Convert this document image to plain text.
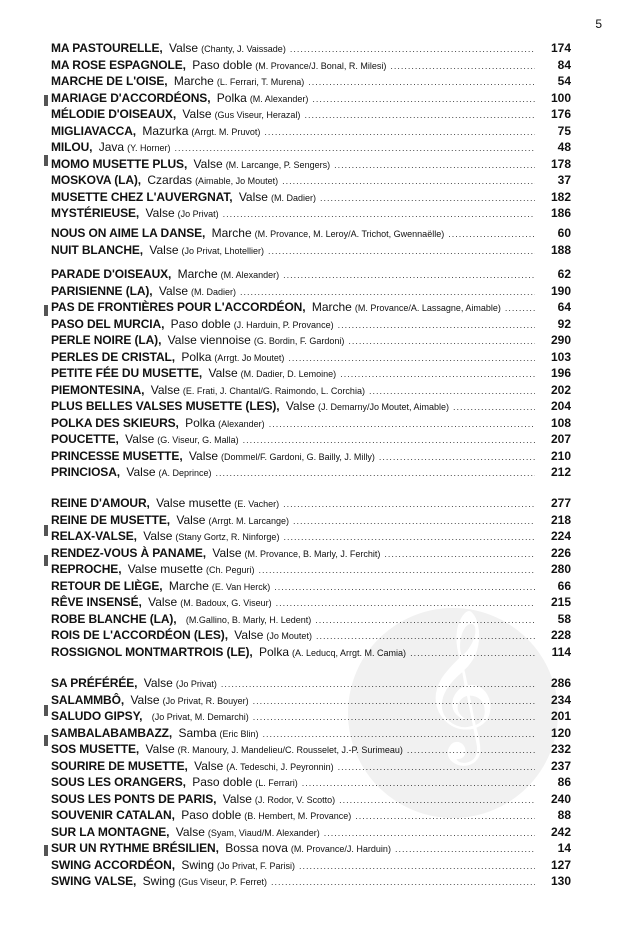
5
𝄞
MA PASTOURELLE,
Valse (Chanty, J. Vaissade) .....	174
MA ROSE ESPAGNOLE,
Paso doble (M. Provance/J. Bonal, R. Milesi) .....	84
MARCHE DE L'OISE,
Marche (L. Ferrari, T. Murena) .....	54
MARIAGE D'ACCORDÉONS,
Polka (M. Alexander) .....	100
MÉLODIE D'OISEAUX,
Valse (Gus Viseur, Herazal) .....	176
MIGLIAVACCA,
Mazurka (Arrgt. M. Pruvot) .....	75
MILOU,
Java (Y. Horner) .....	48
MOMO MUSETTE PLUS,
Valse (M. Larcange, P. Sengers) .....	178
MOSKOVA (LA),
Czardas (Aimable, Jo Moutet) .....	37
MUSETTE CHEZ L'AUVERGNAT,
Valse (M. Dadier) .....	182
MYSTÉRIEUSE,
Valse (Jo Privat) .....	186
NOUS ON AIME LA DANSE,
Marche (M. Provance, M. Leroy/A. Trichot, Gwennaëlle) .....	60
NUIT BLANCHE,
Valse (Jo Privat, Lhotellier) .....	188
PARADE D'OISEAUX,
Marche (M. Alexander) .....	62
PARISIENNE (LA),
Valse (M. Dadier) .....	190
PAS DE FRONTIÈRES POUR L'ACCORDÉON,
Marche (M. Provance/A. Lassagne, Aimable) .....	64
PASO DEL MURCIA,
Paso doble (J. Harduin, P. Provance) .....	92
PERLE NOIRE (LA),
Valse viennoise (G. Bordin, F. Gardoni) .....	290
PERLES DE CRISTAL,
Polka (Arrgt. Jo Moutet) .....	103
PETITE FÉE DU MUSETTE,
Valse (M. Dadier, D. Lemoine) .....	196
PIEMONTESINA,
Valse (E. Frati, J. Chantal/G. Raimondo, L. Corchia) .....	202
PLUS BELLES VALSES MUSETTE (LES),
Valse (J. Demarny/Jo Moutet, Aimable) .....	204
POLKA DES SKIEURS,
Polka (Alexander) .....	108
POUCETTE,
Valse (G. Viseur, G. Malla) .....	207
PRINCESSE MUSETTE,
Valse (Dommel/F. Gardoni, G. Bailly, J. Milly) .....	210
PRINCIOSA,
Valse (A. Deprince) .....	212
REINE D'AMOUR,
Valse musette (E. Vacher) .....	277
REINE DE MUSETTE,
Valse (Arrgt. M. Larcange) .....	218
RELAX-VALSE,
Valse (Stany Gortz, R. Ninforge) .....	224
RENDEZ-VOUS À PANAME,
Valse (M. Provance, B. Marly, J. Ferchit) .....	226
REPROCHE,
Valse musette (Ch. Peguri) .....	280
RETOUR DE LIÈGE,
Marche (E. Van Herck) .....	66
RÊVE INSENSÉ,
Valse (M. Badoux, G. Viseur) .....	215
ROBE BLANCHE (LA),
(M.Gallino, B. Marly, H. Ledent) .....	58
ROIS DE L'ACCORDÉON (LES),
Valse (Jo Moutet) .....	228
ROSSIGNOL MONTMARTROIS (LE),
Polka (A. Leducq, Arrgt. M. Camia) .....	114
SA PRÉFÉRÉE,
Valse (Jo Privat) .....	286
SALAMMBÔ,
Valse (Jo Privat, R. Bouyer) .....	234
SALUDO GIPSY,
(Jo Privat, M. Demarchi) .....	201
SAMBALABAMBAZZ,
Samba (Eric Blin) .....	120
SOS MUSETTE,
Valse (R. Manoury, J. Mandelieu/C. Rousselet, J.-P. Surimeau) .....	232
SOURIRE DE MUSETTE,
Valse (A. Tedeschi, J. Peyronnin) .....	237
SOUS LES ORANGERS,
Paso doble (L. Ferrari) .....	86
SOUS LES PONTS DE PARIS,
Valse (J. Rodor, V. Scotto) .....	240
SOUVENIR CATALAN,
Paso doble (B. Hembert, M. Provance) .....	88
SUR LA MONTAGNE,
Valse (Syam, Viaud/M. Alexander) .....	242
SUR UN RYTHME BRÉSILIEN,
Bossa nova (M. Provance/J. Harduin) .....	14
SWING ACCORDÉON,
Swing (Jo Privat, F. Parisi) .....	127
SWING VALSE,
Swing (Gus Viseur, P. Ferret) .....	130
